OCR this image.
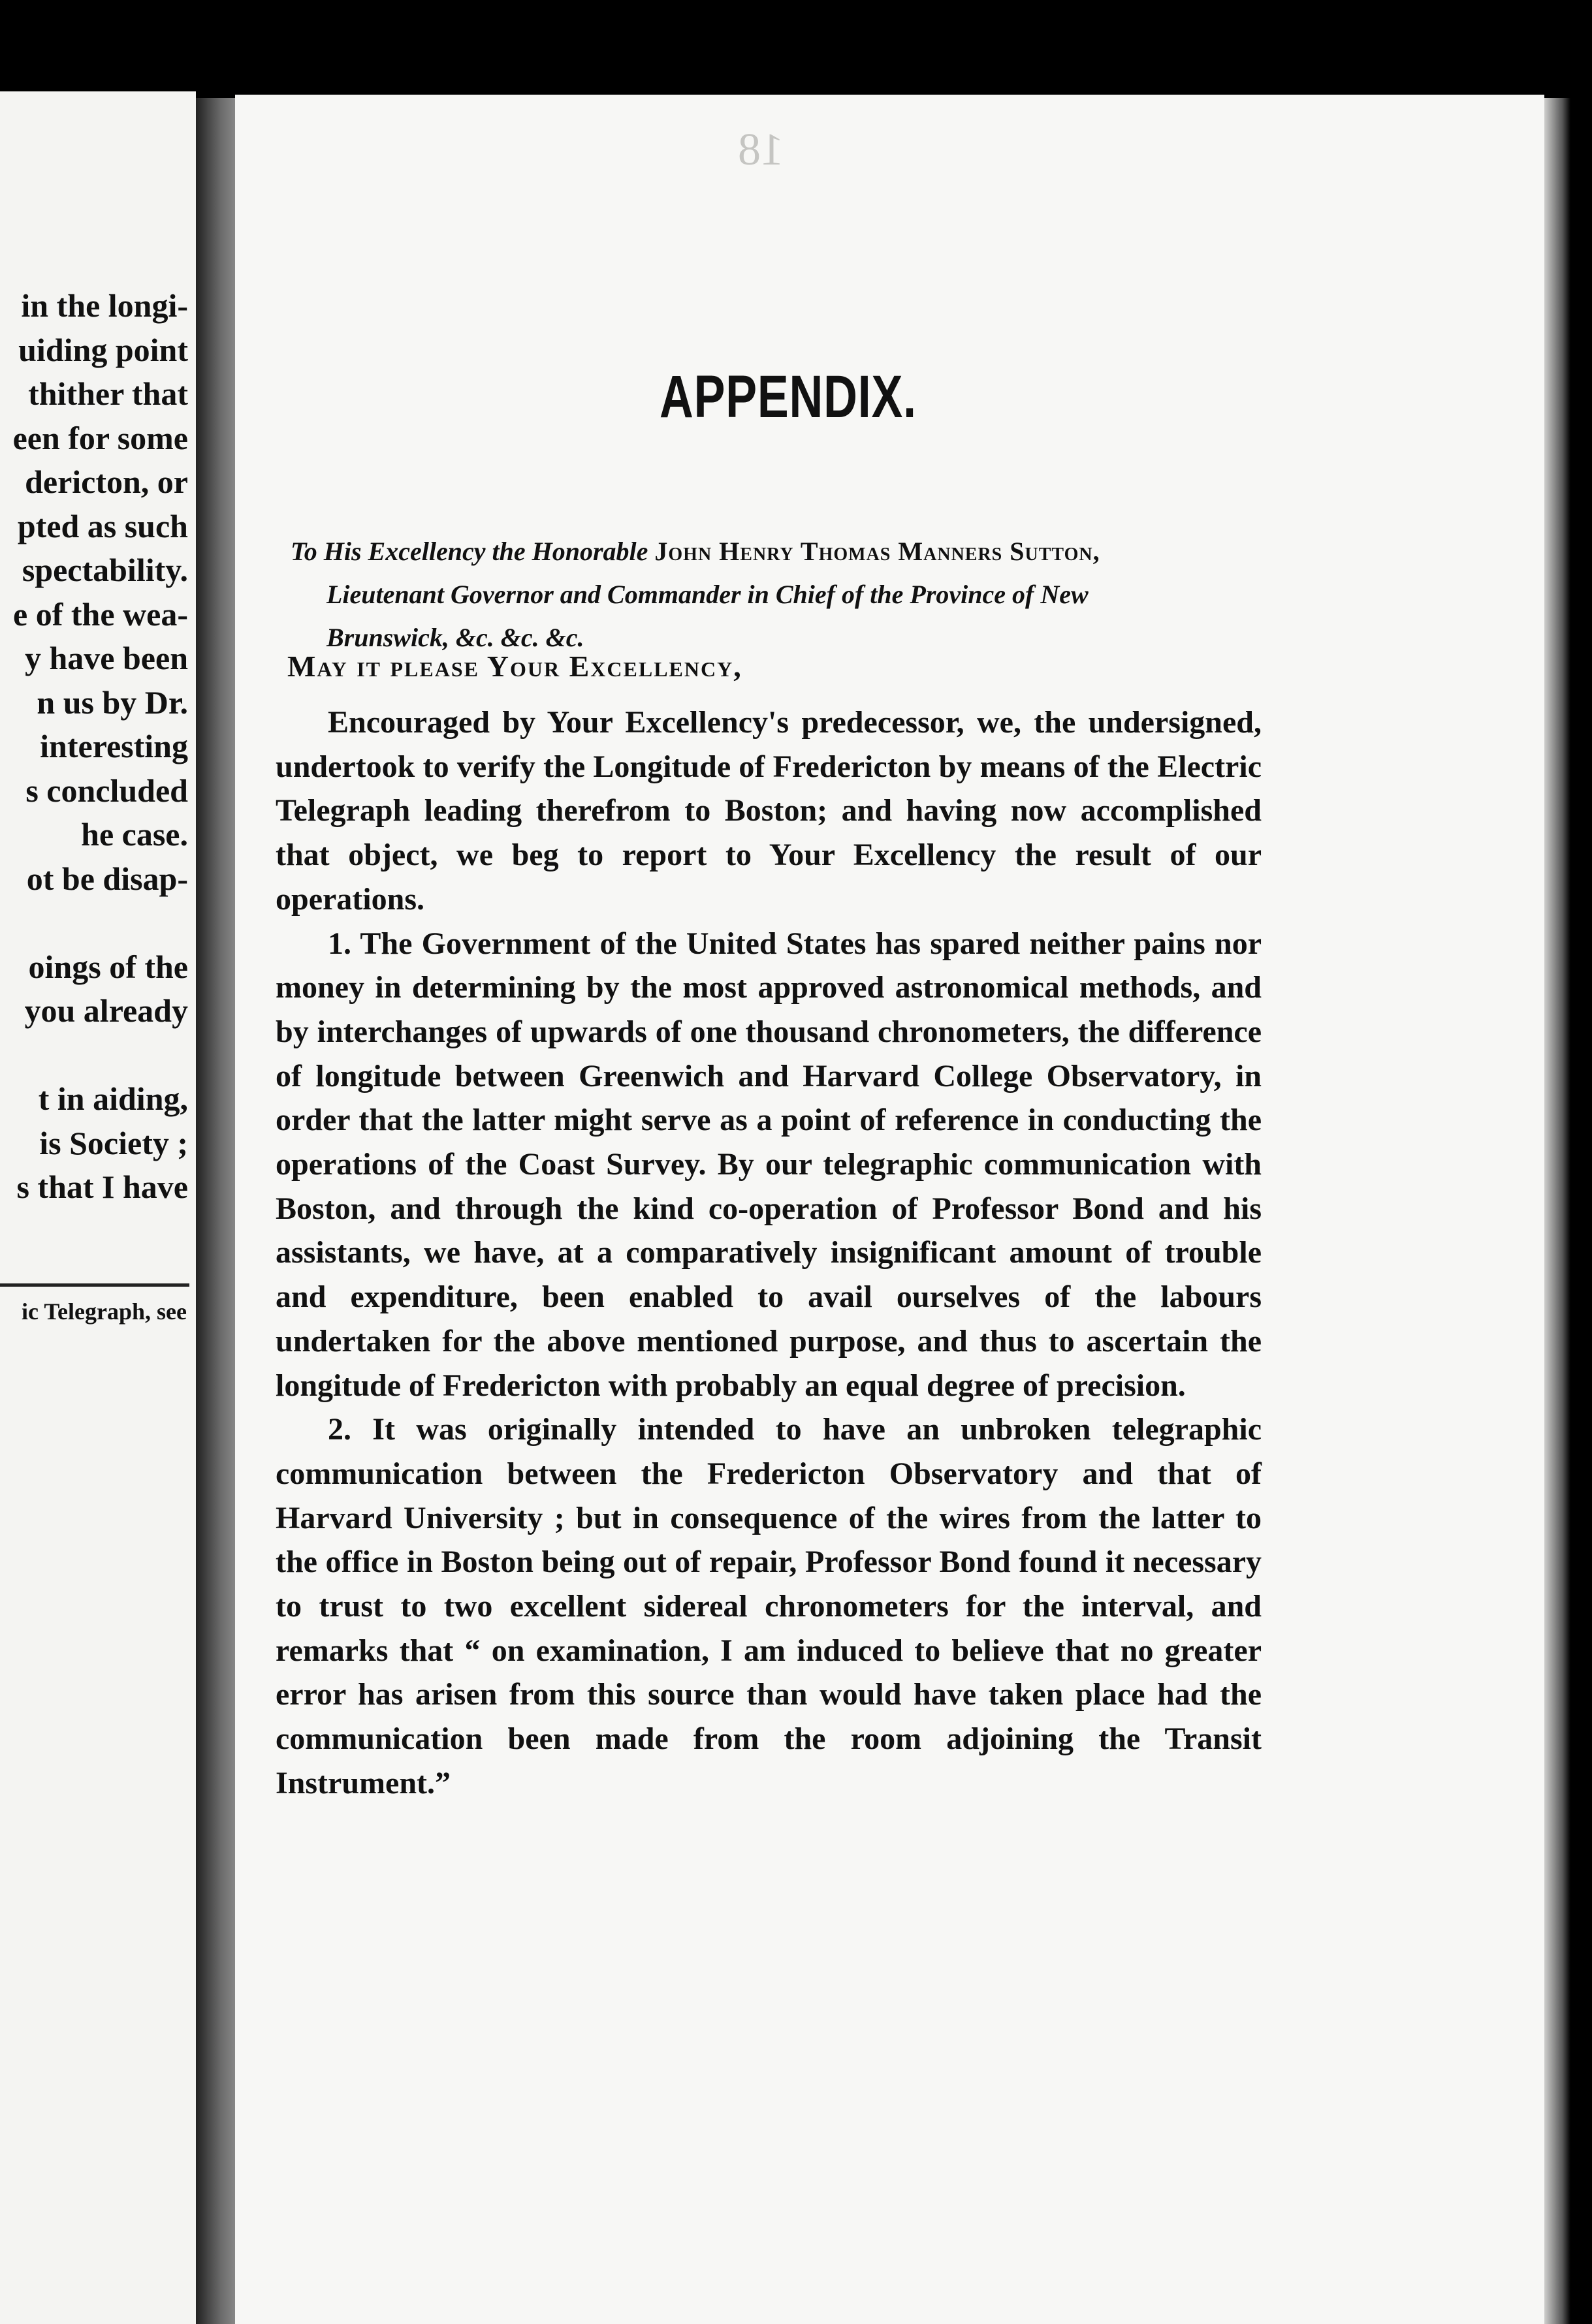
in the longi-
uiding point
thither that
een for some
dericton, or
pted as such
spectability.
e of the wea-
y have been
n us by Dr.
interesting
s concluded
he case.
ot be disap-

oings of the
you already

t in aiding,
is Society ;
s that I have
ic Telegraph, see
18
APPENDIX.
To His Excellency the Honorable John Henry Thomas Manners Sutton,
Lieutenant Governor and Commander in Chief of the Province of New
Brunswick, &c. &c. &c.
May it please Your Excellency,

Encouraged by Your Excellency's predecessor, we, the undersigned, undertook to verify the Longitude of Fredericton by means of the Electric Telegraph leading therefrom to Boston; and having now accomplished that object, we beg to report to Your Excellency the result of our operations.

1. The Government of the United States has spared neither pains nor money in determining by the most approved astronomical methods, and by interchanges of upwards of one thousand chronometers, the difference of longitude between Greenwich and Harvard College Observatory, in order that the latter might serve as a point of reference in conducting the operations of the Coast Survey. By our telegraphic communication with Boston, and through the kind co-operation of Professor Bond and his assistants, we have, at a comparatively insignificant amount of trouble and expenditure, been enabled to avail ourselves of the labours undertaken for the above mentioned purpose, and thus to ascertain the longitude of Fredericton with probably an equal degree of precision.

2. It was originally intended to have an unbroken telegraphic communication between the Fredericton Observatory and that of Harvard University ; but in consequence of the wires from the latter to the office in Boston being out of repair, Professor Bond found it necessary to trust to two excellent sidereal chronometers for the interval, and remarks that “ on examination, I am induced to believe that no greater error has arisen from this source than would have taken place had the communication been made from the room adjoining the Transit Instrument.”
